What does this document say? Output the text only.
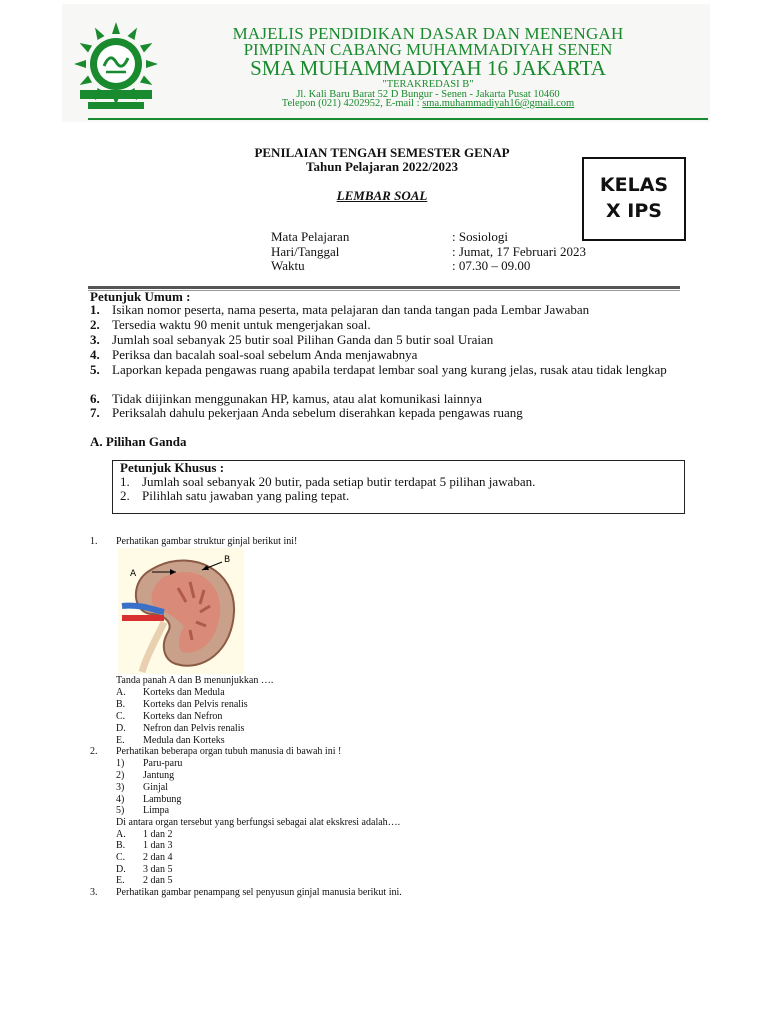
MAJELIS PENDIDIKAN DASAR DAN MENENGAH
PIMPINAN CABANG MUHAMMADIYAH SENEN
SMA MUHAMMADIYAH 16 JAKARTA
"TERAKREDASI B"
Jl. Kali Baru Barat 52 D Bungur - Senen - Jakarta Pusat 10460
Telepon (021) 4202952, E-mail : sma.muhammadiyah16@gmail.com
PENILAIAN TENGAH SEMESTER GENAP
Tahun Pelajaran 2022/2023
LEMBAR SOAL	KELAS
X IPS
Mata Pelajaran	: Sosiologi
Hari/Tanggal	: Jumat, 17 Februari 2023
Waktu	: 07.30 – 09.00
Petunjuk Umum :
1. Isikan nomor peserta, nama peserta, mata pelajaran dan tanda tangan pada Lembar Jawaban
2. Tersedia waktu 90 menit untuk mengerjakan soal.
3. Jumlah soal sebanyak 25 butir soal Pilihan Ganda dan 5 butir soal Uraian
4. Periksa dan bacalah soal-soal sebelum Anda menjawabnya
5. Laporkan kepada pengawas ruang apabila terdapat lembar soal yang kurang jelas, rusak atau tidak lengkap
6. Tidak diijinkan menggunakan HP, kamus, atau alat komunikasi lainnya
7. Periksalah dahulu pekerjaan Anda sebelum diserahkan kepada pengawas ruang
A. Pilihan Ganda
Petunjuk Khusus :
1. Jumlah soal sebanyak 20 butir, pada setiap butir terdapat 5 pilihan jawaban.
2. Pilihlah satu jawaban yang paling tepat.
1. Perhatikan gambar struktur ginjal berikut ini!
A
B
Tanda panah A dan B menunjukkan ….
A. Korteks dan Medula
B. Korteks dan Pelvis renalis
C. Korteks dan Nefron
D. Nefron dan Pelvis renalis
E. Medula dan Korteks
2. Perhatikan beberapa organ tubuh manusia di bawah ini !
1) Paru-paru
2) Jantung
3) Ginjal
4) Lambung
5) Limpa
Di antara organ tersebut yang berfungsi sebagai alat ekskresi adalah….
A. 1 dan 2
B. 1 dan 3
C. 2 dan 4
D. 3 dan 5
E. 2 dan 5
3. Perhatikan gambar penampang sel penyusun ginjal manusia berikut ini.
